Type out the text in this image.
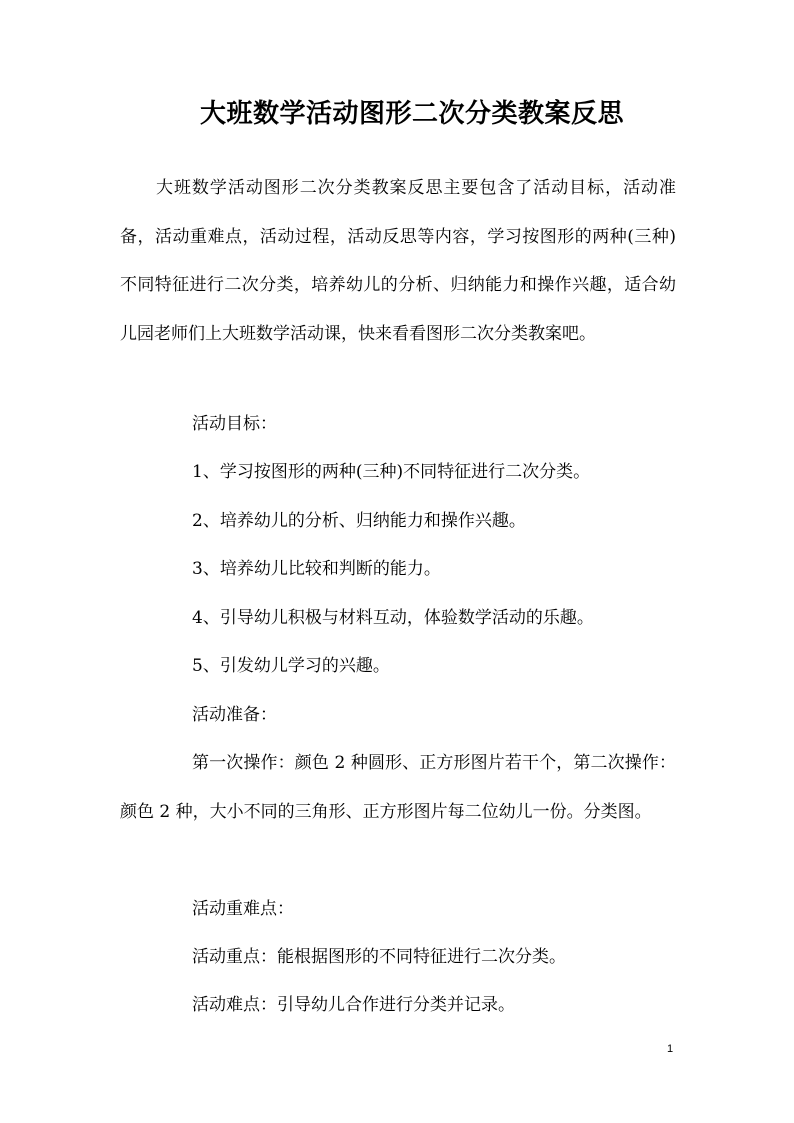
大班数学活动图形二次分类教案反思

大班数学活动图形二次分类教案反思主要包含了活动目标，活动准备，活动重难点，活动过程，活动反思等内容，学习按图形的两种(三种)不同特征进行二次分类，培养幼儿的分析、归纳能力和操作兴趣，适合幼儿园老师们上大班数学活动课，快来看看图形二次分类教案吧。

活动目标：

1、学习按图形的两种(三种)不同特征进行二次分类。

2、培养幼儿的分析、归纳能力和操作兴趣。

3、培养幼儿比较和判断的能力。

4、引导幼儿积极与材料互动，体验数学活动的乐趣。

5、引发幼儿学习的兴趣。

活动准备：

第一次操作：颜色 2 种圆形、正方形图片若干个，第二次操作：颜色 2 种，大小不同的三角形、正方形图片每二位幼儿一份。分类图。

活动重难点：

活动重点：能根据图形的不同特征进行二次分类。

活动难点：引导幼儿合作进行分类并记录。

1
